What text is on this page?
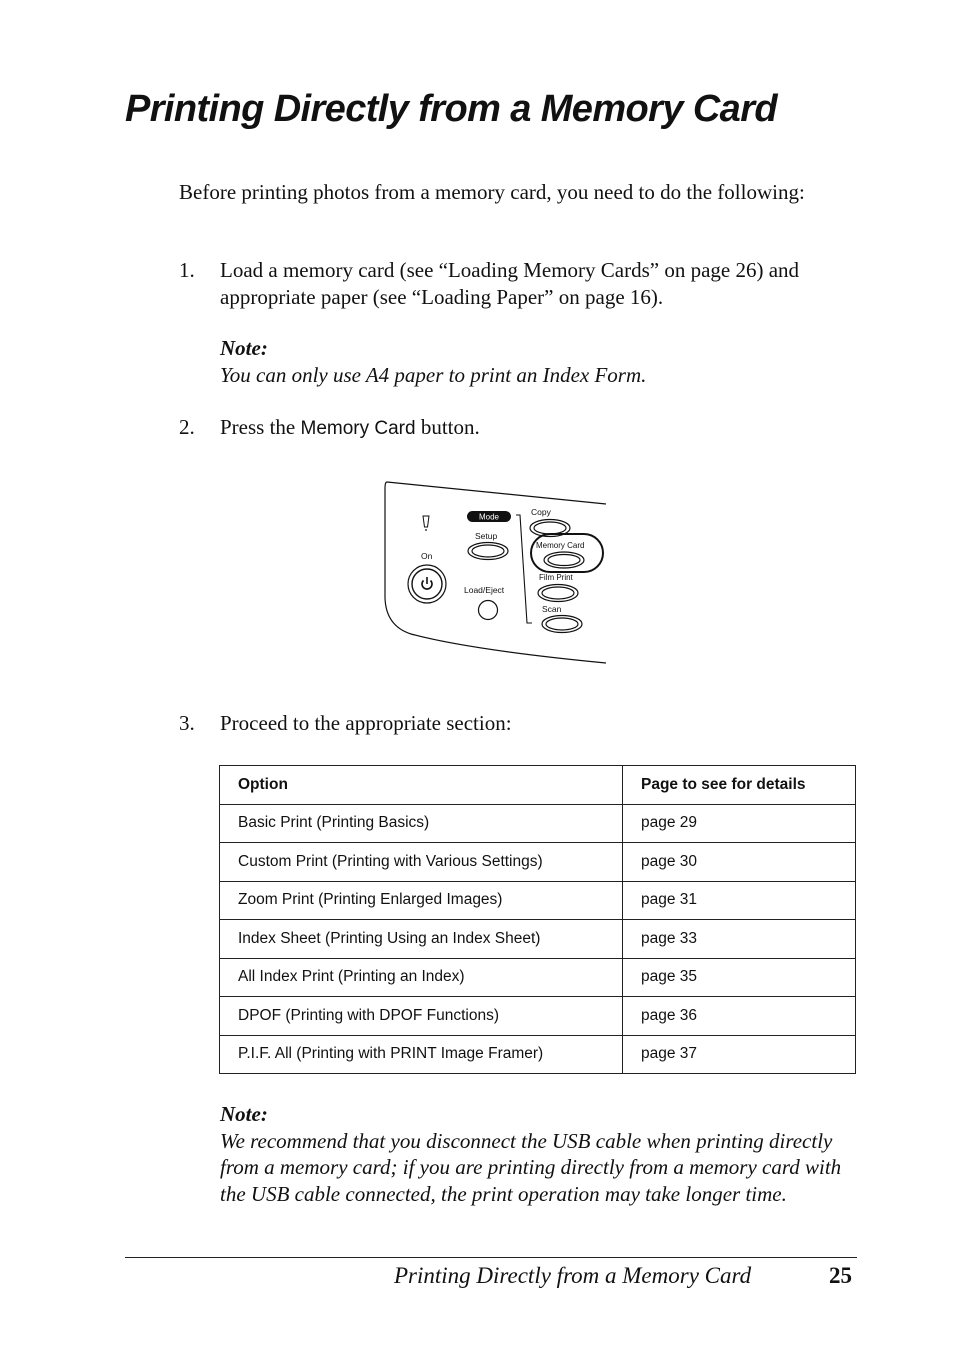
Printing Directly from a Memory Card
Before printing photos from a memory card, you need to do the following:
1. Load a memory card (see “Loading Memory Cards” on page 26) and appropriate paper (see “Loading Paper” on page 16).
Note:
You can only use A4 paper to print an Index Form.
2. Press the Memory Card button.
On
Mode
Setup
Load/Eject
Copy
Memory Card
Film Print
Scan
3. Proceed to the appropriate section:
Option	Page to see for details
Basic Print (Printing Basics)	page 29
Custom Print (Printing with Various Settings)	page 30
Zoom Print (Printing Enlarged Images)	page 31
Index Sheet (Printing Using an Index Sheet)	page 33
All Index Print (Printing an Index)	page 35
DPOF (Printing with DPOF Functions)	page 36
P.I.F. All (Printing with PRINT Image Framer)	page 37
Note:
We recommend that you disconnect the USB cable when printing directly from a memory card; if you are printing directly from a memory card with the USB cable connected, the print operation may take longer time.
Printing Directly from a Memory Card	25
